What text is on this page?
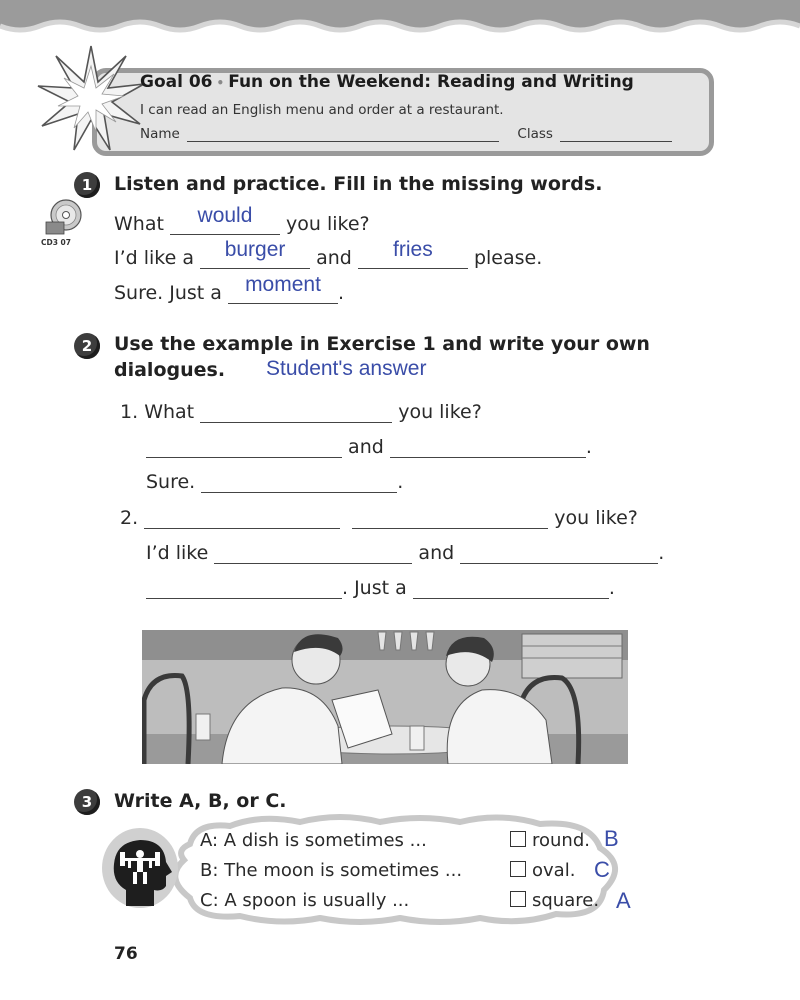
Goal 06 • Fun on the Weekend: Reading and Writing
I can read an English menu and order at a restaurant.
Name	Class
1	Listen and practice. Fill in the missing words.
CD3 07
What	would	you like?
I’d like a	burger	and	fries	please.
Sure. Just a	moment .
2	Use the example in Exercise 1 and write your own
dialogues. Student's answer
1. What	you like?
and	.
Sure.	.
2.	you like?
I’d like	and	.
. Just a	.
3	Write A, B, or C.
A: A dish is sometimes ...	round. B
B: The moon is sometimes ...	oval. C
C: A spoon is usually ...	square. A
76
